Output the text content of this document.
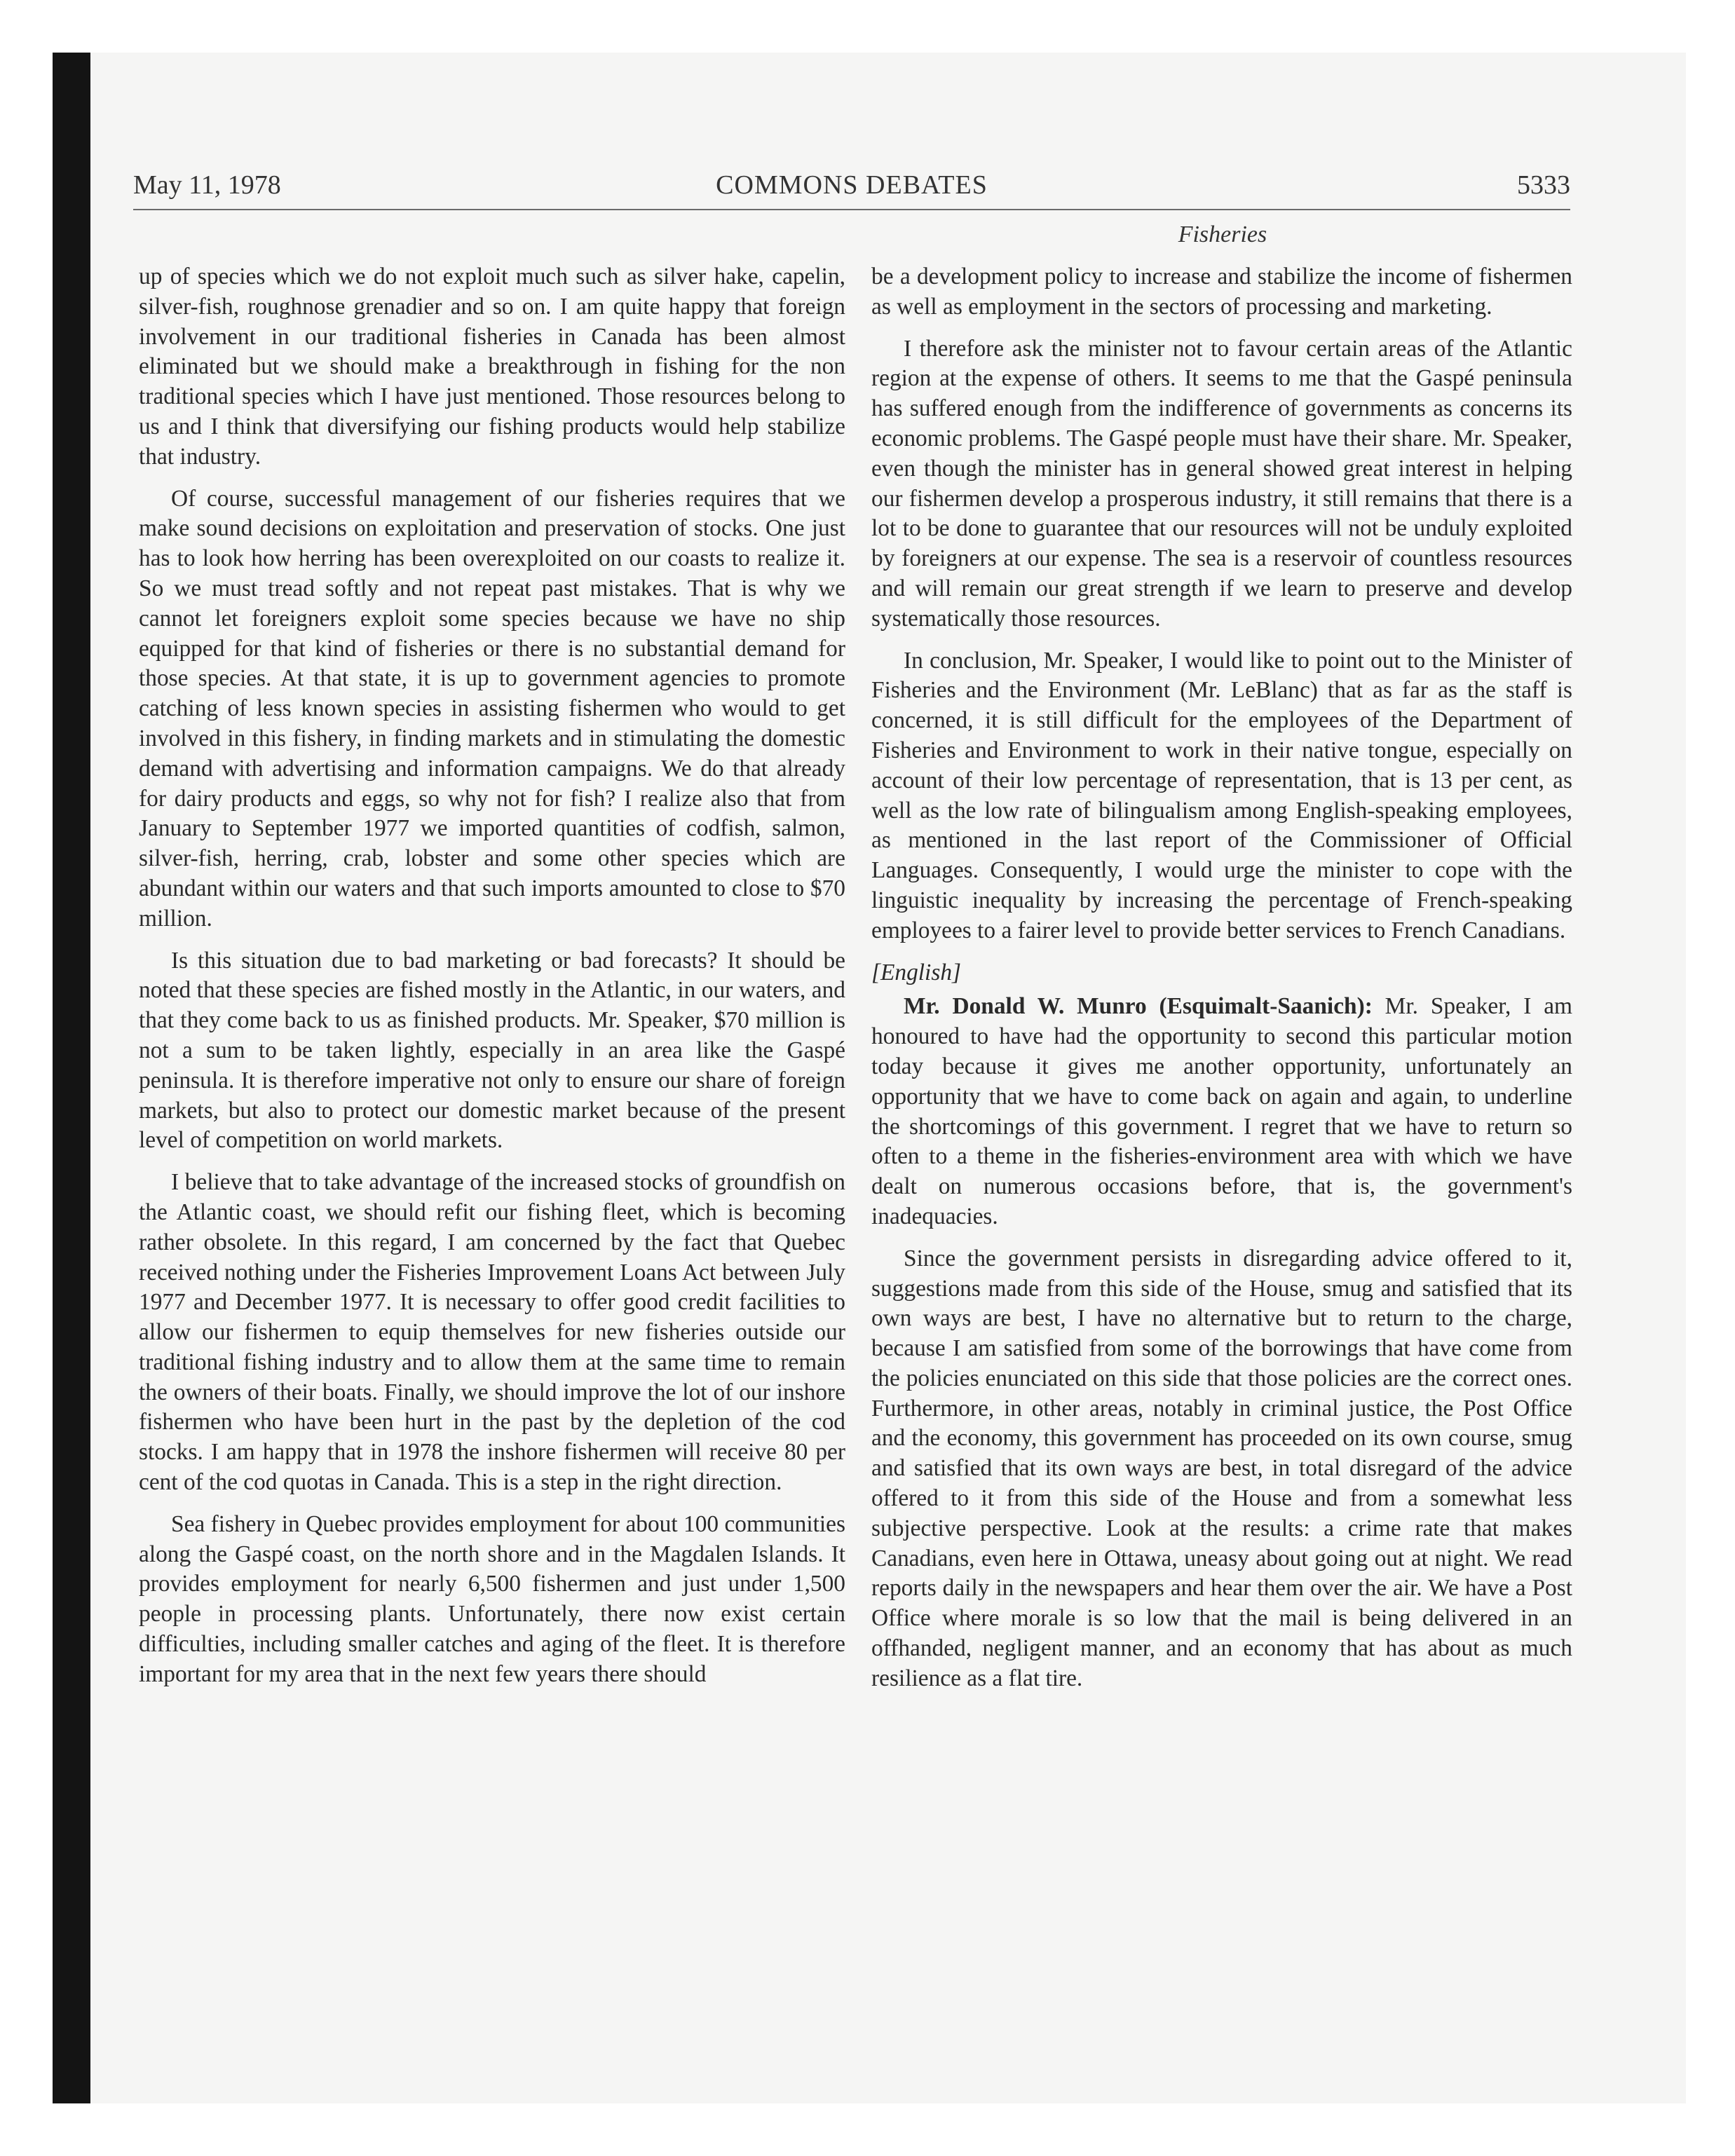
May 11, 1978	COMMONS DEBATES	5333
Fisheries

up of species which we do not exploit much such as silver hake, capelin, silver-fish, roughnose grenadier and so on. I am quite happy that foreign involvement in our traditional fisheries in Canada has been almost eliminated but we should make a breakthrough in fishing for the non traditional species which I have just mentioned. Those resources belong to us and I think that diversifying our fishing products would help stabilize that industry.

Of course, successful management of our fisheries requires that we make sound decisions on exploitation and preservation of stocks. One just has to look how herring has been overexploited on our coasts to realize it. So we must tread softly and not repeat past mistakes. That is why we cannot let foreigners exploit some species because we have no ship equipped for that kind of fisheries or there is no substantial demand for those species. At that state, it is up to government agencies to promote catching of less known species in assisting fishermen who would to get involved in this fishery, in finding markets and in stimulating the domestic demand with advertising and information campaigns. We do that already for dairy products and eggs, so why not for fish? I realize also that from January to September 1977 we imported quantities of codfish, salmon, silver-fish, herring, crab, lobster and some other species which are abundant within our waters and that such imports amounted to close to $70 million.

Is this situation due to bad marketing or bad forecasts? It should be noted that these species are fished mostly in the Atlantic, in our waters, and that they come back to us as finished products. Mr. Speaker, $70 million is not a sum to be taken lightly, especially in an area like the Gaspé peninsula. It is therefore imperative not only to ensure our share of foreign markets, but also to protect our domestic market because of the present level of competition on world markets.

I believe that to take advantage of the increased stocks of groundfish on the Atlantic coast, we should refit our fishing fleet, which is becoming rather obsolete. In this regard, I am concerned by the fact that Quebec received nothing under the Fisheries Improvement Loans Act between July 1977 and December 1977. It is necessary to offer good credit facilities to allow our fishermen to equip themselves for new fisheries outside our traditional fishing industry and to allow them at the same time to remain the owners of their boats. Finally, we should improve the lot of our inshore fishermen who have been hurt in the past by the depletion of the cod stocks. I am happy that in 1978 the inshore fishermen will receive 80 per cent of the cod quotas in Canada. This is a step in the right direction.

Sea fishery in Quebec provides employment for about 100 communities along the Gaspé coast, on the north shore and in the Magdalen Islands. It provides employment for nearly 6,500 fishermen and just under 1,500 people in processing plants. Unfortunately, there now exist certain difficulties, including smaller catches and aging of the fleet. It is therefore important for my area that in the next few years there should

be a development policy to increase and stabilize the income of fishermen as well as employment in the sectors of processing and marketing.

I therefore ask the minister not to favour certain areas of the Atlantic region at the expense of others. It seems to me that the Gaspé peninsula has suffered enough from the indifference of governments as concerns its economic problems. The Gaspé people must have their share. Mr. Speaker, even though the minister has in general showed great interest in helping our fishermen develop a prosperous industry, it still remains that there is a lot to be done to guarantee that our resources will not be unduly exploited by foreigners at our expense. The sea is a reservoir of countless resources and will remain our great strength if we learn to preserve and develop systematically those resources.

In conclusion, Mr. Speaker, I would like to point out to the Minister of Fisheries and the Environment (Mr. LeBlanc) that as far as the staff is concerned, it is still difficult for the employees of the Department of Fisheries and Environment to work in their native tongue, especially on account of their low percentage of representation, that is 13 per cent, as well as the low rate of bilingualism among English-speaking employees, as mentioned in the last report of the Commissioner of Official Languages. Consequently, I would urge the minister to cope with the linguistic inequality by increasing the percentage of French-speaking employees to a fairer level to provide better services to French Canadians.

[English]

Mr. Donald W. Munro (Esquimalt-Saanich): Mr. Speaker, I am honoured to have had the opportunity to second this particular motion today because it gives me another opportunity, unfortunately an opportunity that we have to come back on again and again, to underline the shortcomings of this government. I regret that we have to return so often to a theme in the fisheries-environment area with which we have dealt on numerous occasions before, that is, the government's inadequacies.

Since the government persists in disregarding advice offered to it, suggestions made from this side of the House, smug and satisfied that its own ways are best, I have no alternative but to return to the charge, because I am satisfied from some of the borrowings that have come from the policies enunciated on this side that those policies are the correct ones. Furthermore, in other areas, notably in criminal justice, the Post Office and the economy, this government has proceeded on its own course, smug and satisfied that its own ways are best, in total disregard of the advice offered to it from this side of the House and from a somewhat less subjective perspective. Look at the results: a crime rate that makes Canadians, even here in Ottawa, uneasy about going out at night. We read reports daily in the newspapers and hear them over the air. We have a Post Office where morale is so low that the mail is being delivered in an offhanded, negligent manner, and an economy that has about as much resilience as a flat tire.
